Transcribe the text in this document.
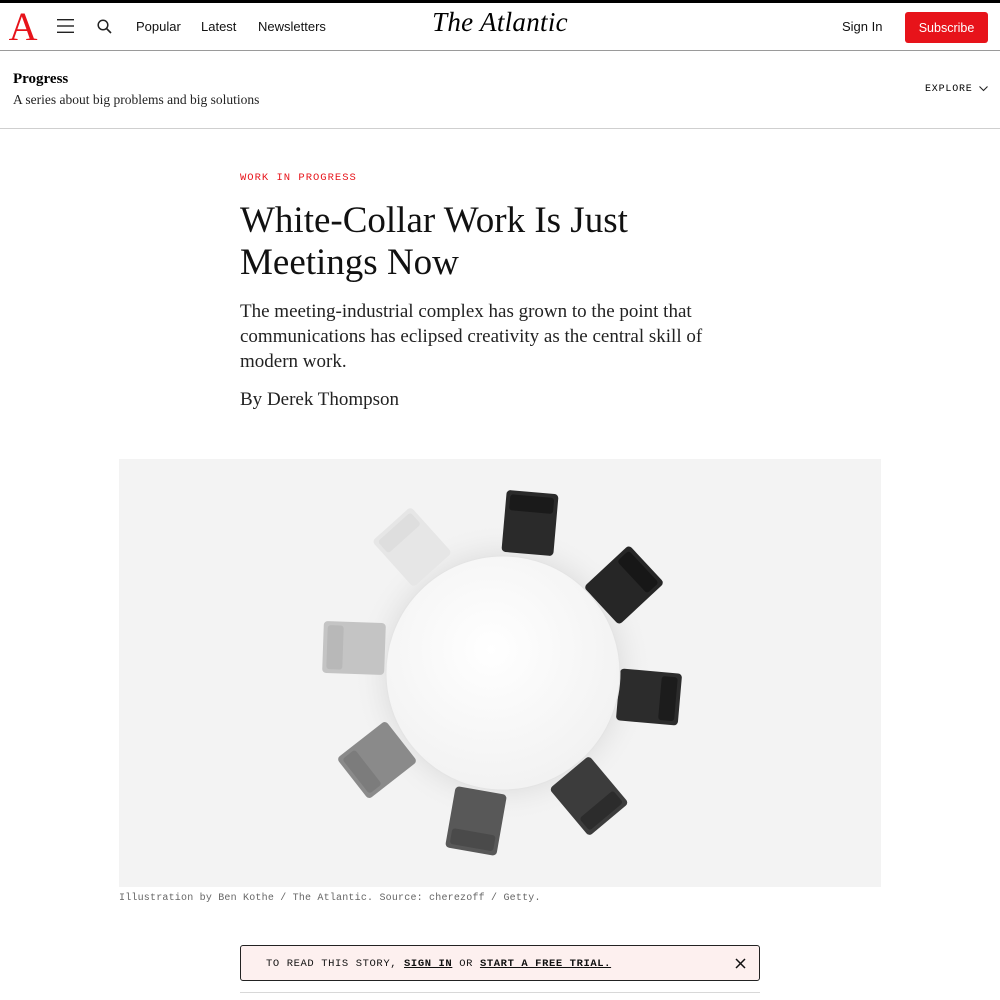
A	Popular Latest Newsletters	The Atlantic	Sign In	Subscribe
Progress
A series about big problems and big solutions
EXPLORE
WORK IN PROGRESS
White-Collar Work Is Just Meetings Now

The meeting-industrial complex has grown to the point that communications has eclipsed creativity as the central skill of modern work.

By Derek Thompson
Illustration by Ben Kothe / The Atlantic. Source: cherezoff / Getty.
TO READ THIS STORY, SIGN IN OR START A FREE TRIAL.
